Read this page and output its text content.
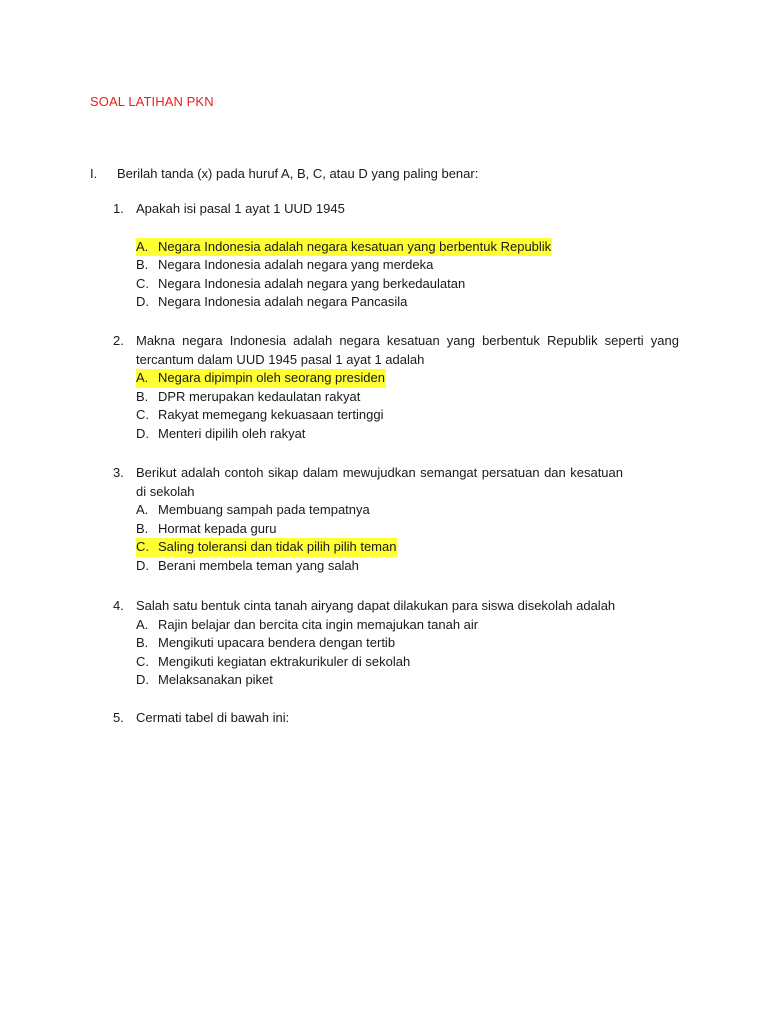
SOAL LATIHAN PKN
I.	Berilah tanda (x) pada huruf A, B, C, atau D yang paling benar:
1. Apakah isi pasal 1 ayat 1 UUD 1945
A. Negara Indonesia adalah negara kesatuan yang berbentuk Republik
B. Negara Indonesia adalah negara yang merdeka
C. Negara Indonesia adalah negara yang berkedaulatan
D. Negara Indonesia adalah negara Pancasila
2. Makna negara Indonesia adalah negara kesatuan yang berbentuk Republik seperti yang tercantum dalam UUD 1945 pasal 1 ayat 1 adalah
A. Negara dipimpin oleh seorang presiden
B. DPR merupakan kedaulatan rakyat
C. Rakyat memegang kekuasaan tertinggi
D. Menteri dipilih oleh rakyat
3. Berikut adalah contoh sikap dalam mewujudkan semangat persatuan dan kesatuan di sekolah
A. Membuang sampah pada tempatnya
B. Hormat kepada guru
C. Saling toleransi dan tidak pilih pilih teman
D. Berani membela teman yang salah
4. Salah satu bentuk cinta tanah airyang dapat dilakukan para siswa disekolah adalah
A. Rajin belajar dan bercita cita ingin memajukan tanah air
B. Mengikuti upacara bendera dengan tertib
C. Mengikuti kegiatan ektrakurikuler di sekolah
D. Melaksanakan piket
5. Cermati tabel di bawah ini:
